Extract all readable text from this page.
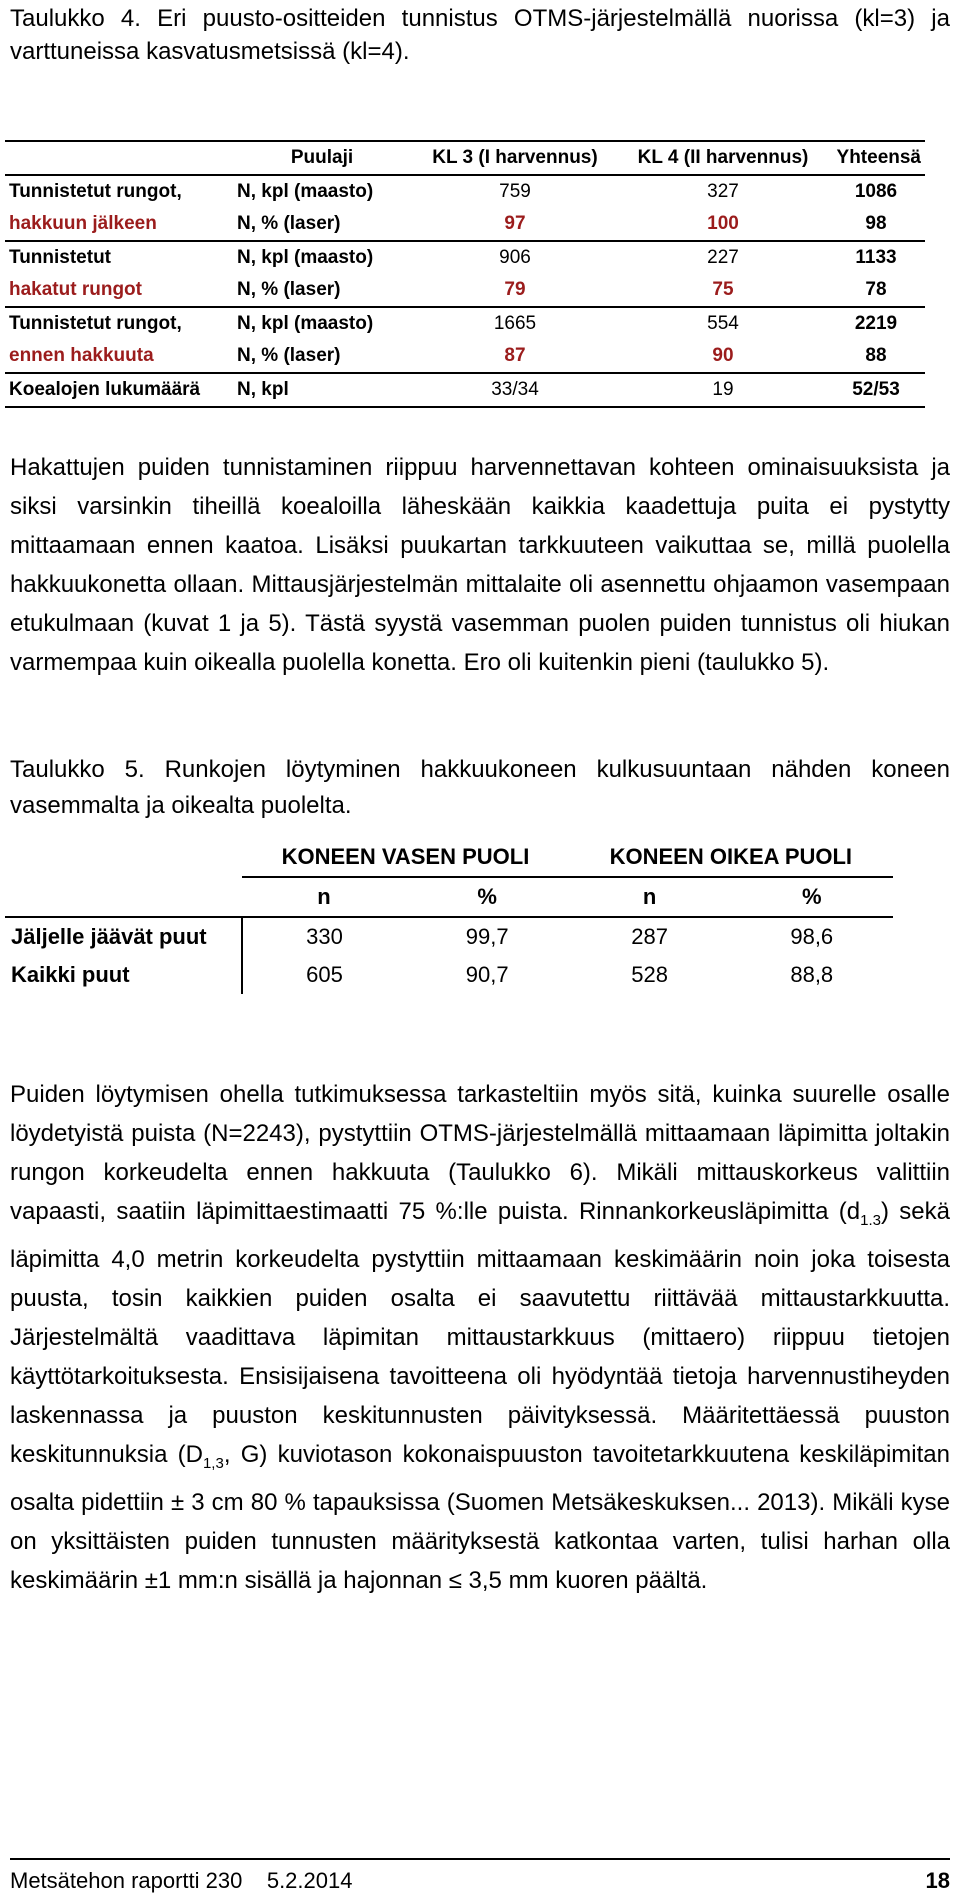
Taulukko 4. Eri puusto-ositteiden tunnistus OTMS-järjestelmällä nuorissa (kl=3) ja varttuneissa kasvatusmetsissä (kl=4).

	Puulaji	KL 3 (I harvennus)	KL 4 (II harvennus)	Yhteensä
Tunnistetut rungot,	N, kpl (maasto)	759	327	1086
hakkuun jälkeen	N, % (laser)	97	100	98
Tunnistetut	N, kpl (maasto)	906	227	1133
hakatut rungot	N, % (laser)	79	75	78
Tunnistetut rungot,	N, kpl (maasto)	1665	554	2219
ennen hakkuuta	N, % (laser)	87	90	88
Koealojen lukumäärä	N, kpl	33/34	19	52/53

Hakattujen puiden tunnistaminen riippuu harvennettavan kohteen ominaisuuksista ja siksi varsinkin tiheillä koealoilla läheskään kaikkia kaadettuja puita ei pystytty mittaamaan ennen kaatoa. Lisäksi puukartan tarkkuuteen vaikuttaa se, millä puolella hakkuukonetta ollaan. Mittausjärjestelmän mittalaite oli asennettu ohjaamon vasempaan etukulmaan (kuvat 1 ja 5). Tästä syystä vasemman puolen puiden tunnistus oli hiukan varmempaa kuin oikealla puolella konetta. Ero oli kuitenkin pieni (taulukko 5).

Taulukko 5. Runkojen löytyminen hakkuukoneen kulkusuuntaan nähden koneen vasemmalta ja oikealta puolelta.

	KONEEN VASEN PUOLI		KONEEN OIKEA PUOLI	
	n	%	n	%
Jäljelle jäävät puut	330	99,7	287	98,6
Kaikki puut	605	90,7	528	88,8

Puiden löytymisen ohella tutkimuksessa tarkasteltiin myös sitä, kuinka suurelle osalle löydetyistä puista (N=2243), pystyttiin OTMS-järjestelmällä mittaamaan läpimitta joltakin rungon korkeudelta ennen hakkuuta (Taulukko 6). Mikäli mittauskorkeus valittiin vapaasti, saatiin läpimittaestimaatti 75 %:lle puista. Rinnankorkeusläpimitta $(d_{1.3})$ sekä läpimitta 4,0 metrin korkeudelta pystyttiin mittaamaan keskimäärin noin joka toisesta puusta, tosin kaikkien puiden osalta ei saavutettu riittävää mittaustarkkuutta. Järjestelmältä vaadittava läpimitan mittaustarkkuus (mittaero) riippuu tietojen käyttötarkoituksesta. Ensisijaisena tavoitteena oli hyödyntää tietoja harvennustiheyden laskennassa ja puuston keskitunnusten päivityksessä. Määritettäessä puuston keskitunnuksia ($D_{1,3}$, G) kuviotason kokonaispuuston tavoitetarkkuutena keskiläpimitan osalta pidettiin ± 3 cm 80 % tapauksissa (Suomen Metsäkeskuksen... 2013). Mikäli kyse on yksittäisten puiden tunnusten määrityksestä katkontaa varten, tulisi harhan olla keskimäärin ±1 mm:n sisällä ja hajonnan ≤ 3,5 mm kuoren päältä.

Metsätehon raportti 230 5.2.2014	18
